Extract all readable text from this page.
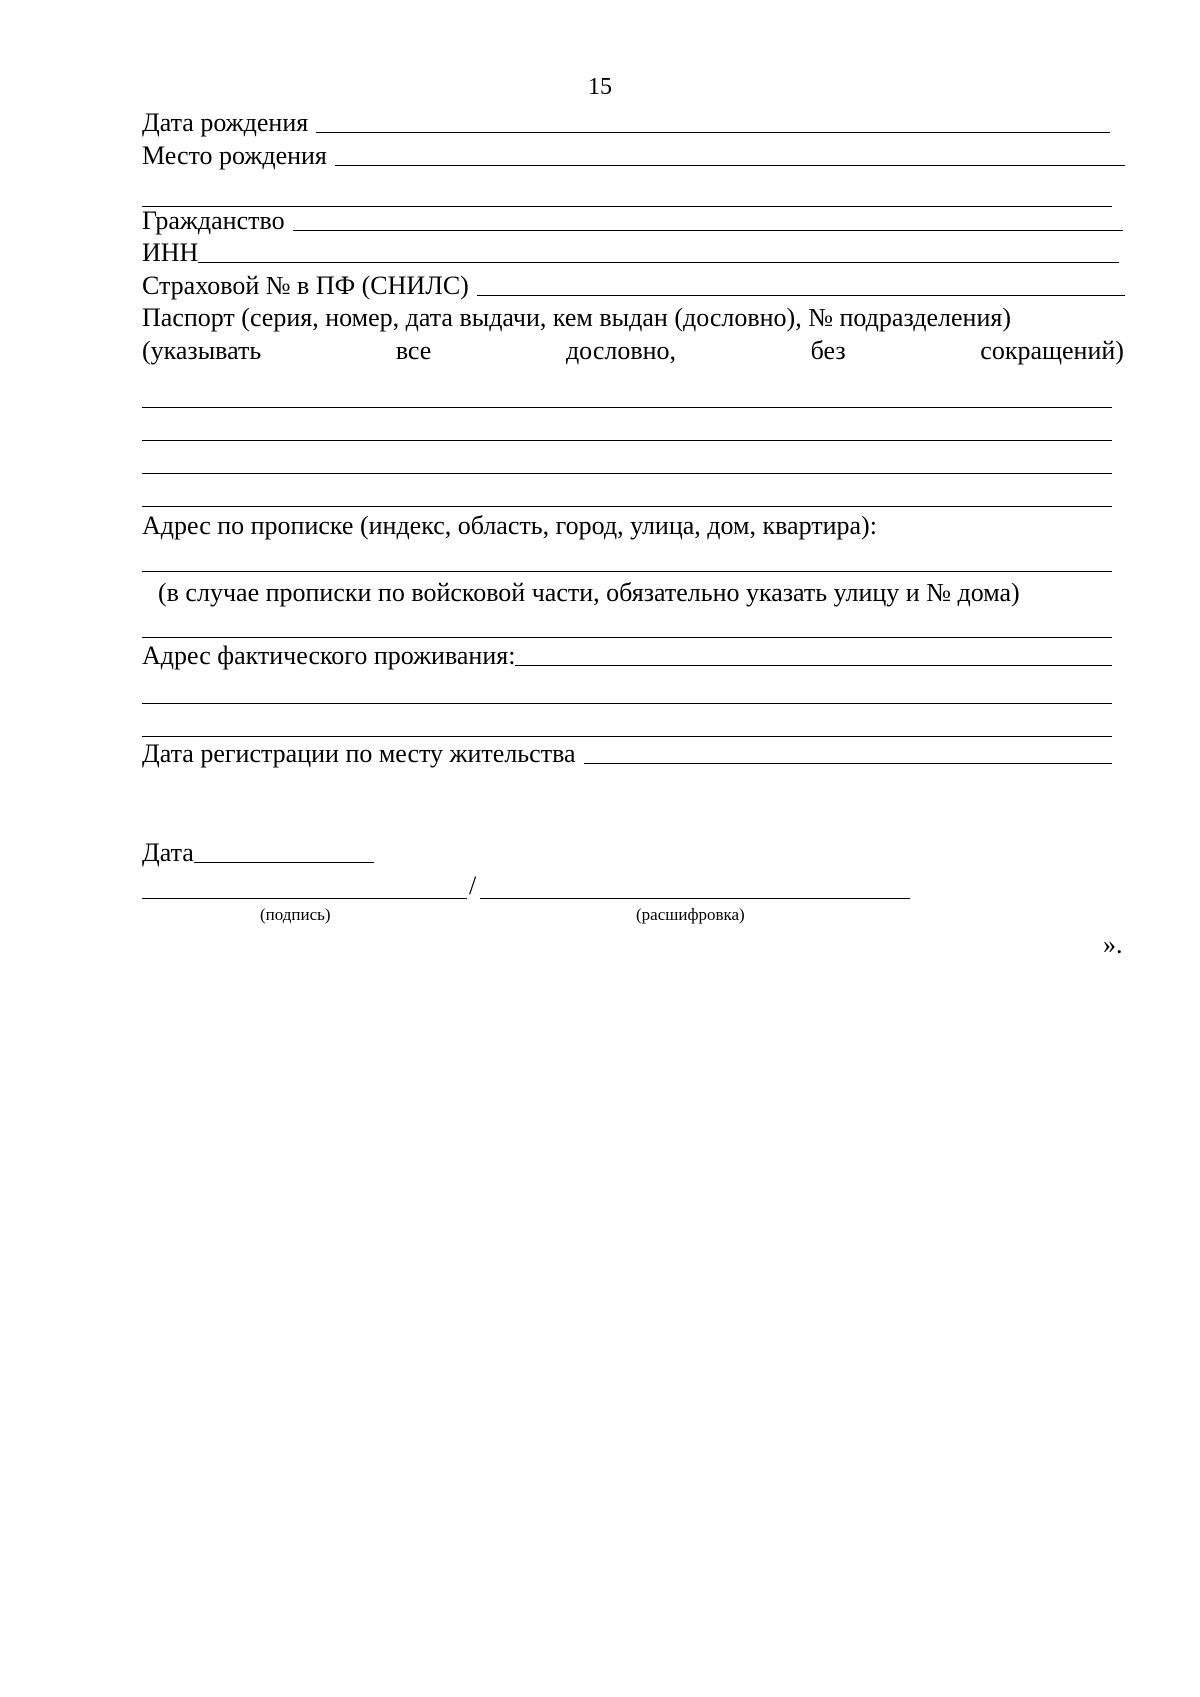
15
Дата рождения
Место рождения
Гражданство
ИНН
Страховой № в ПФ (СНИЛС)
Паспорт (серия, номер, дата выдачи, кем выдан (дословно), № подразделения)
(указывать	все	дословно,	без	сокращений)
Адрес по прописке (индекс, область, город, улица, дом, квартира):
(в случае прописки по войсковой части, обязательно указать улицу и № дома)
Адрес фактического проживания:
Дата регистрации по месту жительства
Дата
/
(подпись)	(расшифровка)
».
